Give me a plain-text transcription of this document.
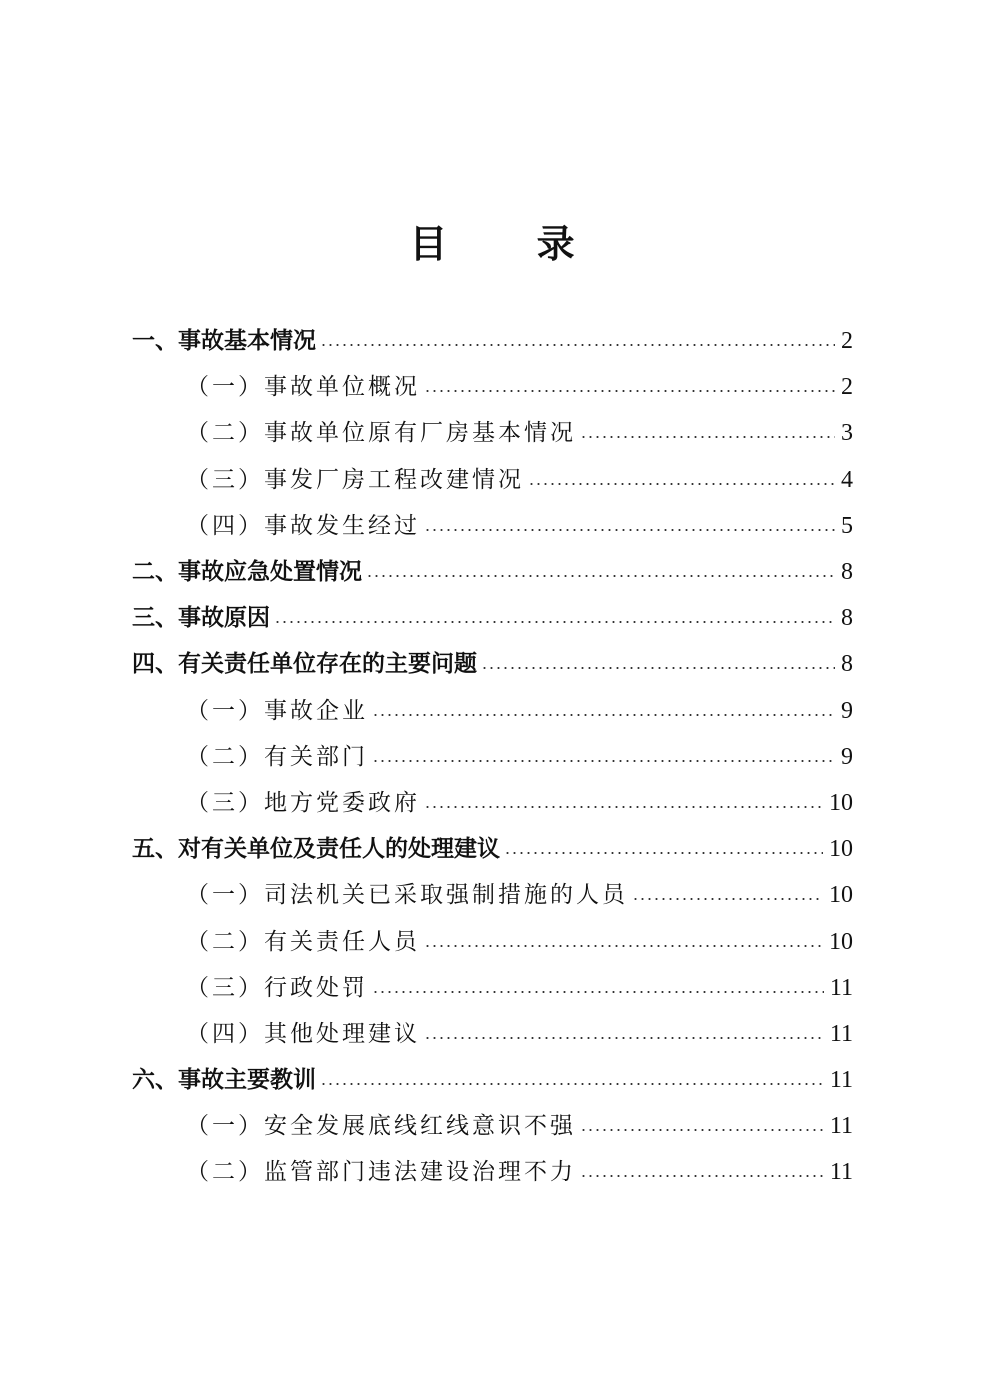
目 录
一、事故基本情况	2
（一）事故单位概况	2
（二）事故单位原有厂房基本情况	3
（三）事发厂房工程改建情况	4
（四）事故发生经过	5
二、事故应急处置情况	8
三、事故原因	8
四、有关责任单位存在的主要问题	8
（一）事故企业	9
（二）有关部门	9
（三）地方党委政府	10
五、对有关单位及责任人的处理建议	10
（一）司法机关已采取强制措施的人员	10
（二）有关责任人员	10
（三）行政处罚	11
（四）其他处理建议	11
六、事故主要教训	11
（一）安全发展底线红线意识不强	11
（二）监管部门违法建设治理不力	11
